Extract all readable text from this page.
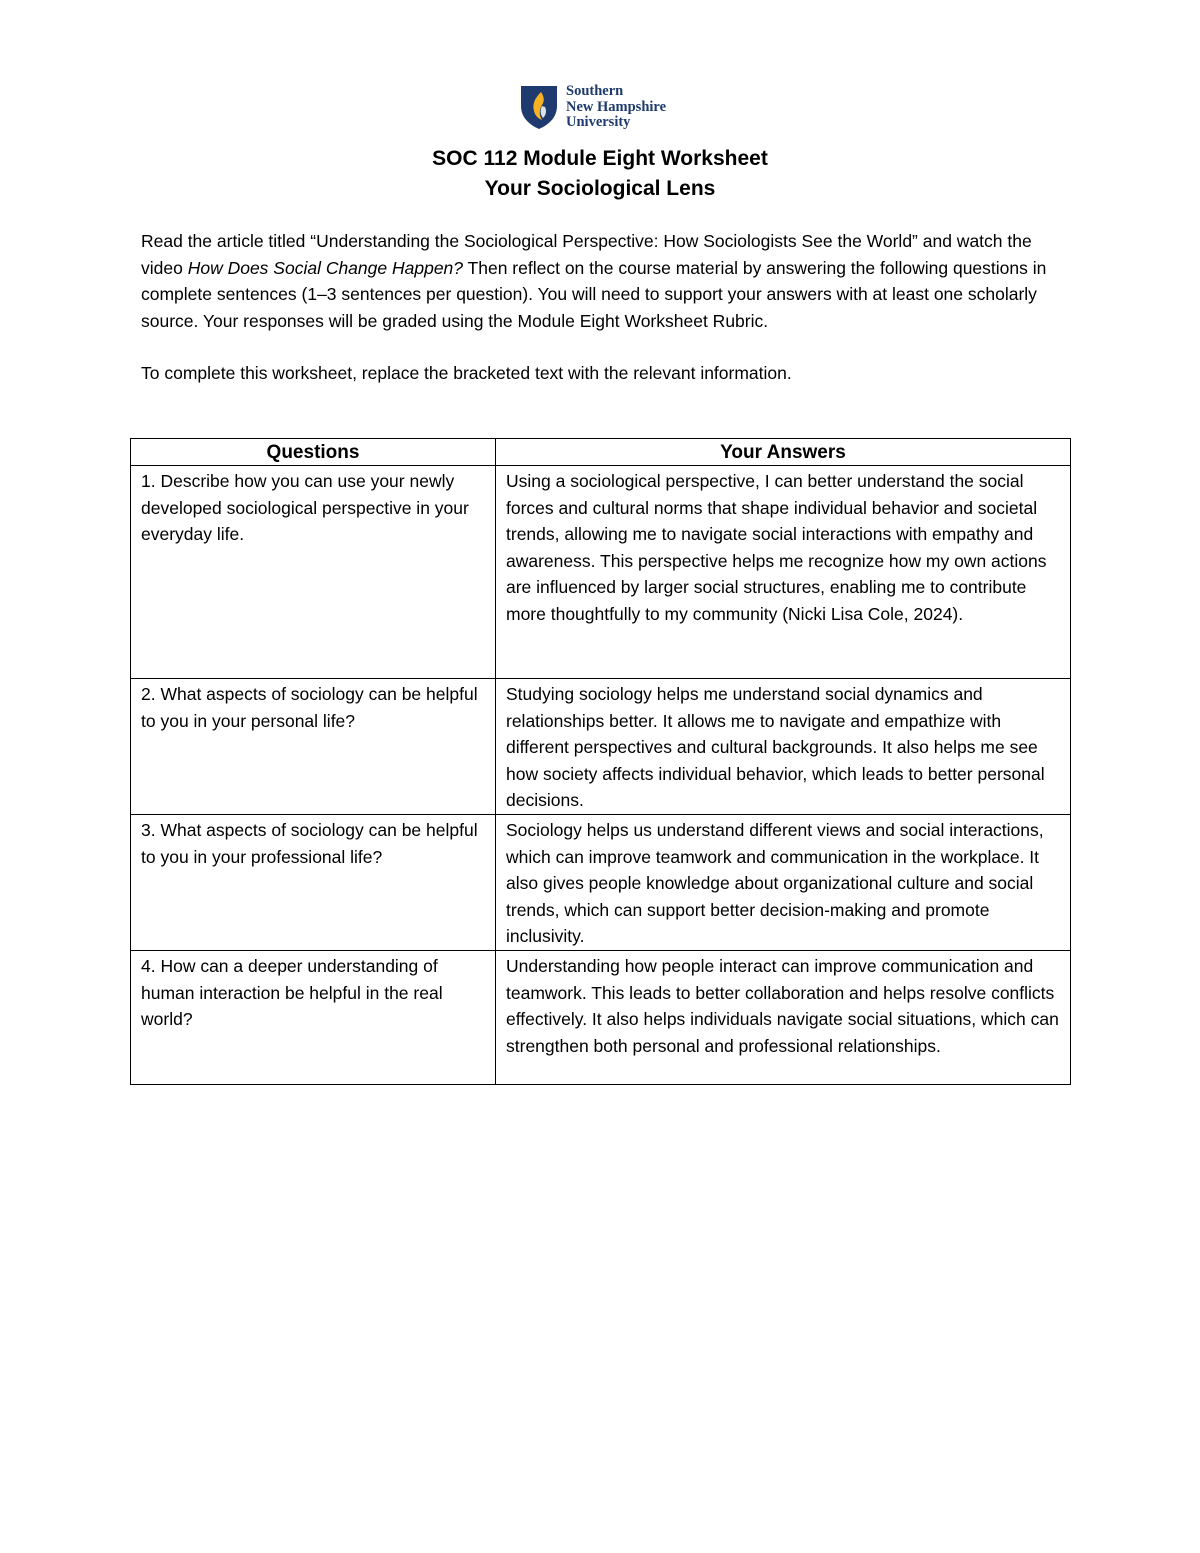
Southern
New Hampshire
University
SOC 112 Module Eight Worksheet
Your Sociological Lens

Read the article titled “Understanding the Sociological Perspective: How Sociologists See the World” and watch the video How Does Social Change Happen? Then reflect on the course material by answering the following questions in complete sentences (1–3 sentences per question). You will need to support your answers with at least one scholarly source. Your responses will be graded using the Module Eight Worksheet Rubric.

To complete this worksheet, replace the bracketed text with the relevant information.

Questions	Your Answers
1. Describe how you can use your newly developed sociological perspective in your everyday life.	Using a sociological perspective, I can better understand the social forces and cultural norms that shape individual behavior and societal trends, allowing me to navigate social interactions with empathy and awareness. This perspective helps me recognize how my own actions are influenced by larger social structures, enabling me to contribute more thoughtfully to my community (Nicki Lisa Cole, 2024).
2. What aspects of sociology can be helpful to you in your personal life?	Studying sociology helps me understand social dynamics and relationships better. It allows me to navigate and empathize with different perspectives and cultural backgrounds. It also helps me see how society affects individual behavior, which leads to better personal decisions.
3. What aspects of sociology can be helpful to you in your professional life?	Sociology helps us understand different views and social interactions, which can improve teamwork and communication in the workplace. It also gives people knowledge about organizational culture and social trends, which can support better decision-making and promote inclusivity.
4. How can a deeper understanding of human interaction be helpful in the real world?	Understanding how people interact can improve communication and teamwork. This leads to better collaboration and helps resolve conflicts effectively. It also helps individuals navigate social situations, which can strengthen both personal and professional relationships.
